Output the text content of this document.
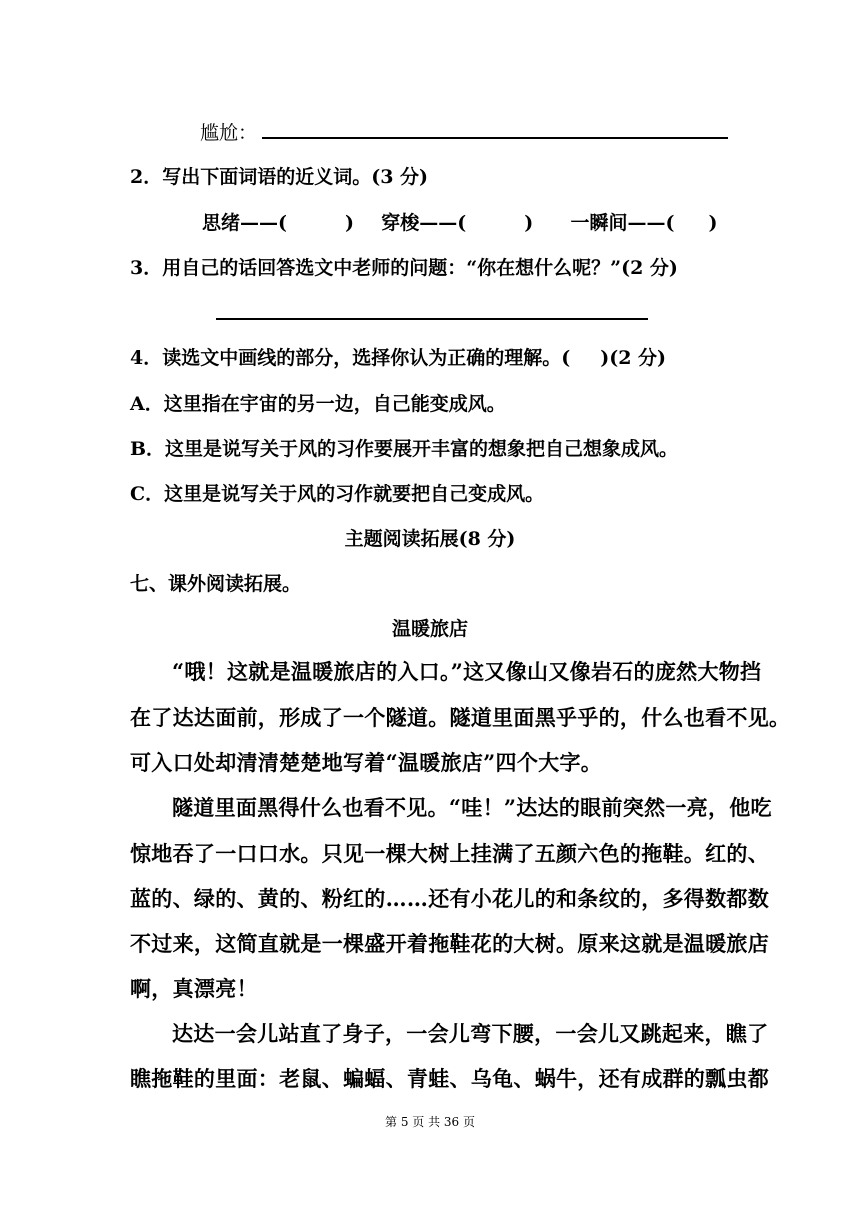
尴尬：
2．写出下面词语的近义词。(3 分)
思绪——(	) 穿梭——(	) 一瞬间——( )
3．用自己的话回答选文中老师的问题：“你在想什么呢？”(2 分)
4．读选文中画线的部分，选择你认为正确的理解。( )(2 分)
A．这里指在宇宙的另一边，自己能变成风。
B．这里是说写关于风的习作要展开丰富的想象把自己想象成风。
C．这里是说写关于风的习作就要把自己变成风。
主题阅读拓展(8 分)
七、课外阅读拓展。
温暖旅店
“哦！这就是温暖旅店的入口。”这又像山又像岩石的庞然大物挡
在了达达面前，形成了一个隧道。隧道里面黑乎乎的，什么也看不见。
可入口处却清清楚楚地写着“温暖旅店”四个大字。
隧道里面黑得什么也看不见。“哇！”达达的眼前突然一亮，他吃
惊地吞了一口口水。只见一棵大树上挂满了五颜六色的拖鞋。红的、
蓝的、绿的、黄的、粉红的……还有小花儿的和条纹的，多得数都数
不过来，这简直就是一棵盛开着拖鞋花的大树。原来这就是温暖旅店
啊，真漂亮！
达达一会儿站直了身子，一会儿弯下腰，一会儿又跳起来，瞧了
瞧拖鞋的里面：老鼠、蝙蝠、青蛙、乌龟、蜗牛，还有成群的瓢虫都
第 5 页 共 36 页
